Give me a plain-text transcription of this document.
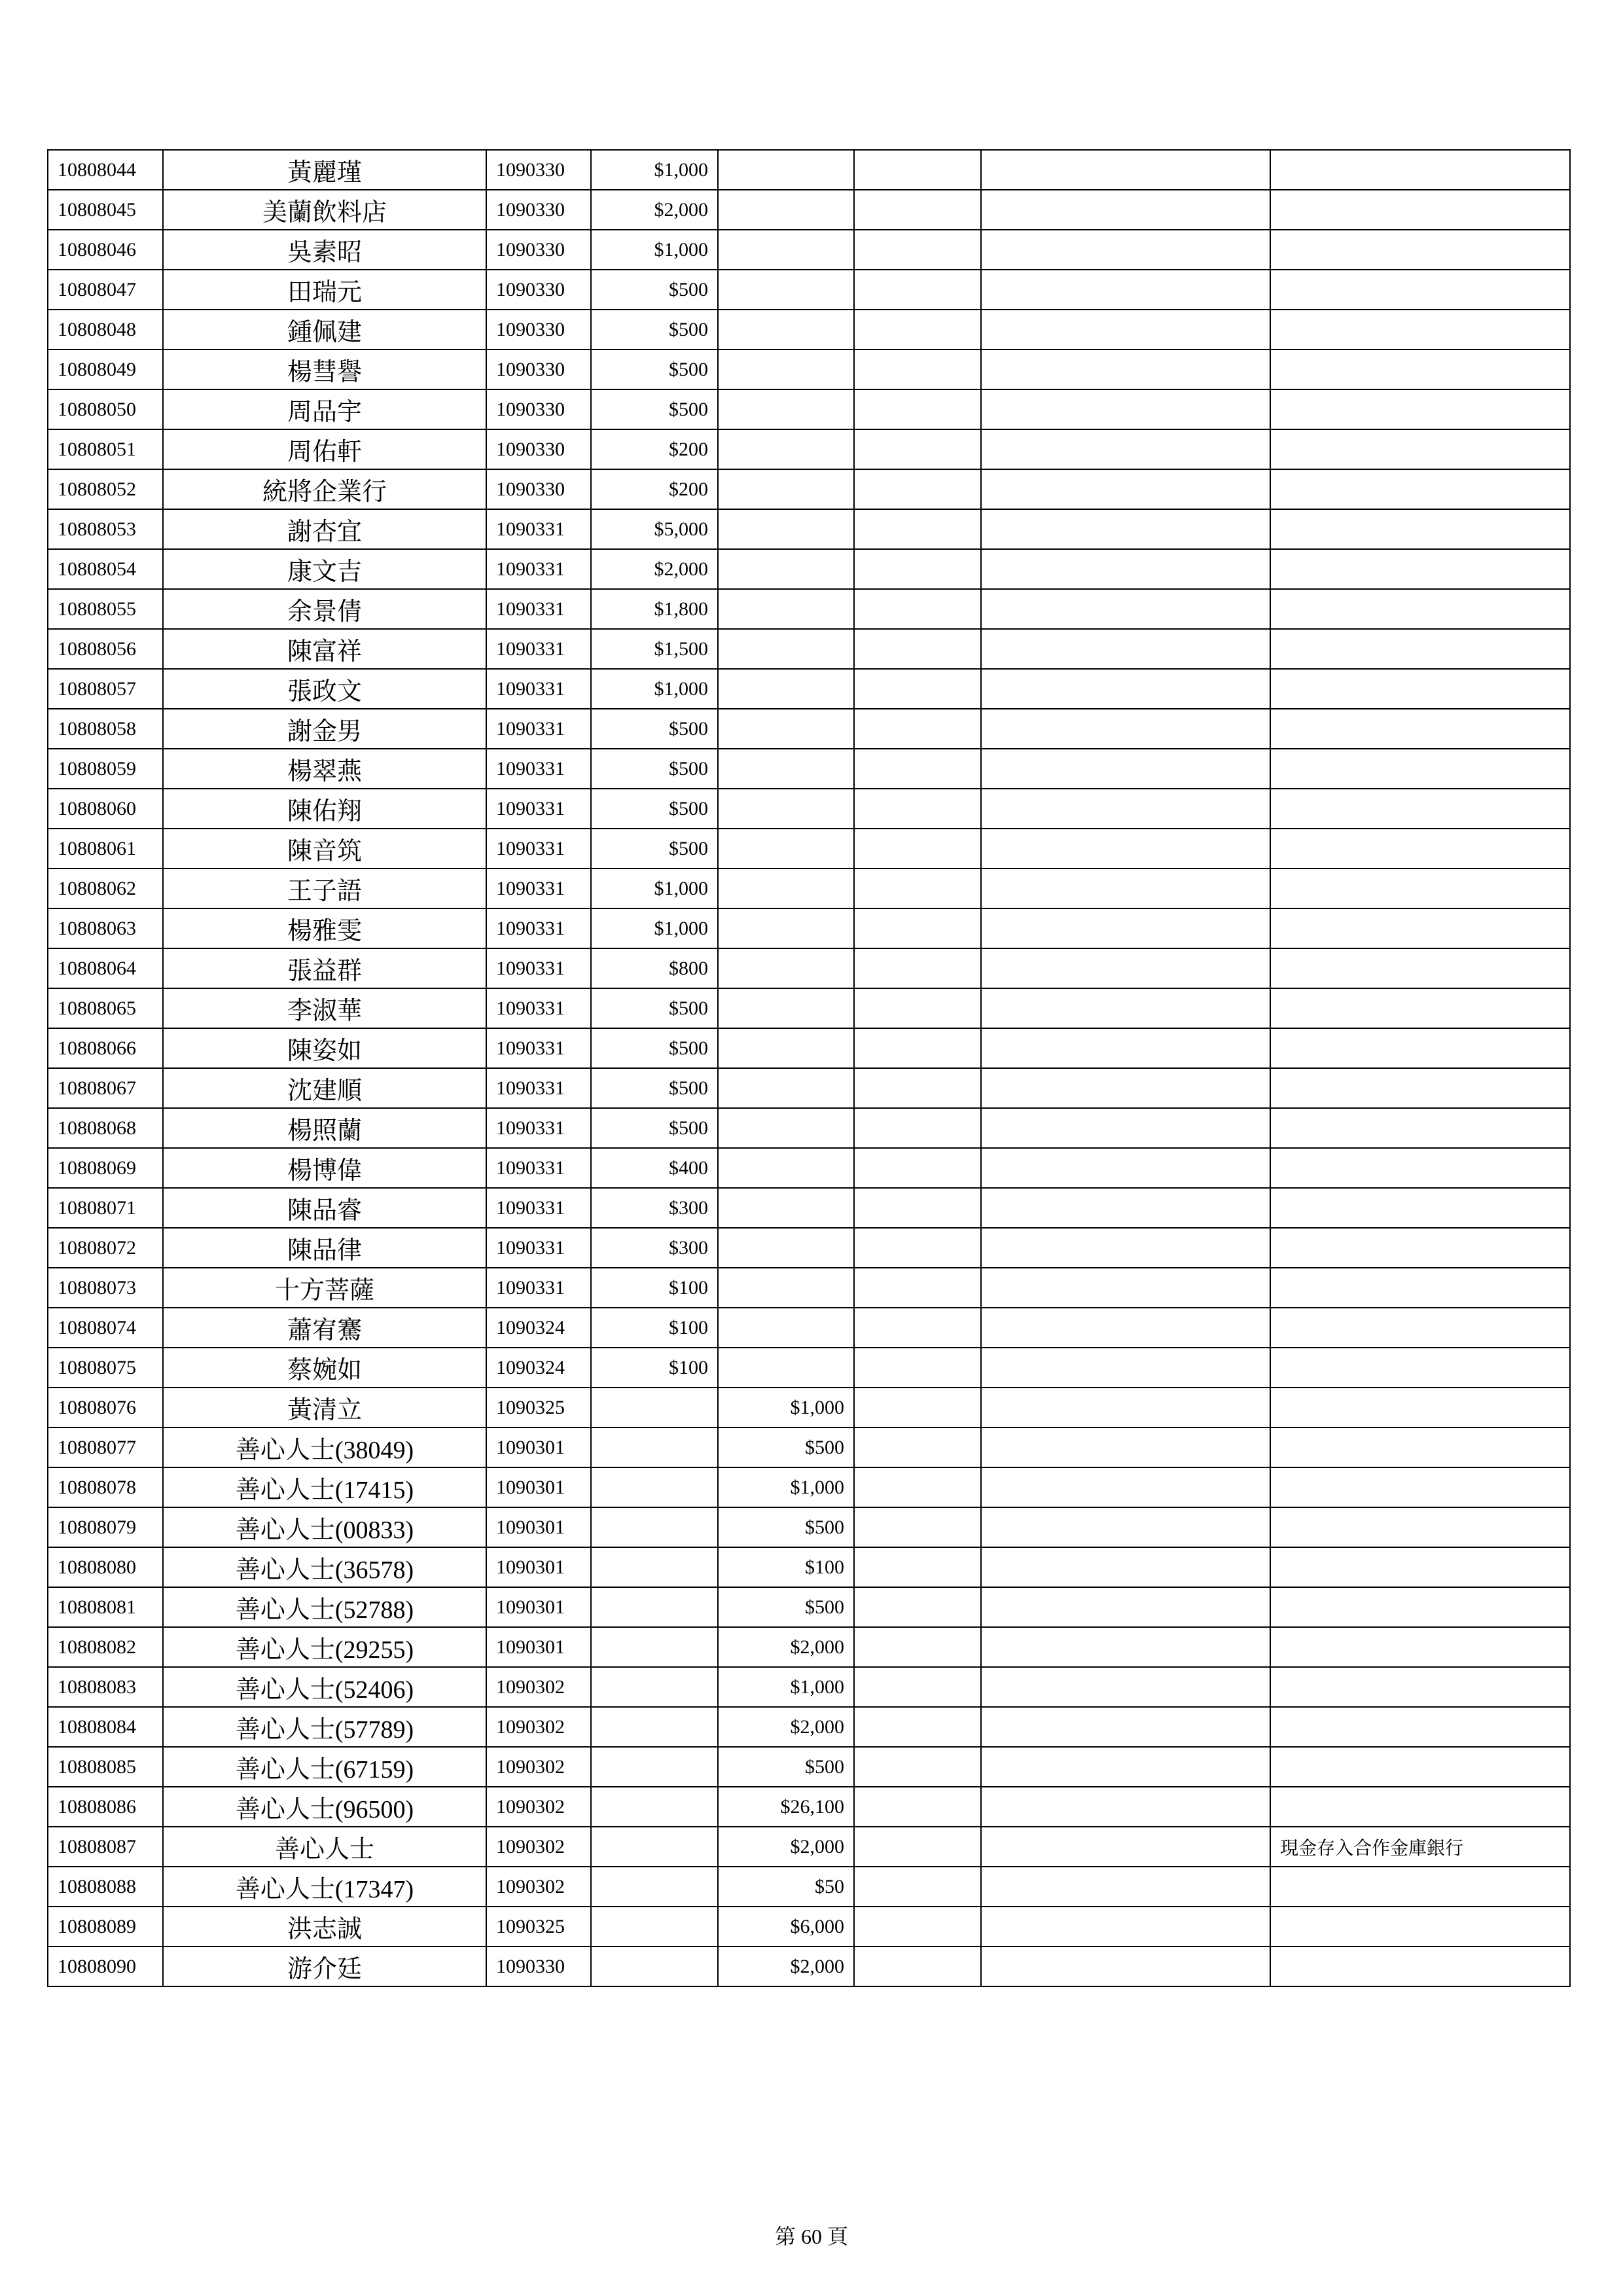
10808044	黃麗瑾	1090330	$1,000				
10808045	美蘭飲料店	1090330	$2,000				
10808046	吳素昭	1090330	$1,000				
10808047	田瑞元	1090330	$500				
10808048	鍾佩建	1090330	$500				
10808049	楊彗譽	1090330	$500				
10808050	周品宇	1090330	$500				
10808051	周佑軒	1090330	$200				
10808052	統將企業行	1090330	$200				
10808053	謝杏宜	1090331	$5,000				
10808054	康文吉	1090331	$2,000				
10808055	余景倩	1090331	$1,800				
10808056	陳富祥	1090331	$1,500				
10808057	張政文	1090331	$1,000				
10808058	謝金男	1090331	$500				
10808059	楊翠燕	1090331	$500				
10808060	陳佑翔	1090331	$500				
10808061	陳音筑	1090331	$500				
10808062	王子語	1090331	$1,000				
10808063	楊雅雯	1090331	$1,000				
10808064	張益群	1090331	$800				
10808065	李淑華	1090331	$500				
10808066	陳姿如	1090331	$500				
10808067	沈建順	1090331	$500				
10808068	楊照蘭	1090331	$500				
10808069	楊博偉	1090331	$400				
10808071	陳品睿	1090331	$300				
10808072	陳品律	1090331	$300				
10808073	十方菩薩	1090331	$100				
10808074	蕭宥騫	1090324	$100				
10808075	蔡婉如	1090324	$100				
10808076	黃清立	1090325		$1,000			
10808077	善心人士(38049)	1090301		$500			
10808078	善心人士(17415)	1090301		$1,000			
10808079	善心人士(00833)	1090301		$500			
10808080	善心人士(36578)	1090301		$100			
10808081	善心人士(52788)	1090301		$500			
10808082	善心人士(29255)	1090301		$2,000			
10808083	善心人士(52406)	1090302		$1,000			
10808084	善心人士(57789)	1090302		$2,000			
10808085	善心人士(67159)	1090302		$500			
10808086	善心人士(96500)	1090302		$26,100			
10808087	善心人士	1090302		$2,000			現金存入合作金庫銀行
10808088	善心人士(17347)	1090302		$50			
10808089	洪志誠	1090325		$6,000			
10808090	游介廷	1090330		$2,000			
第 60 頁
